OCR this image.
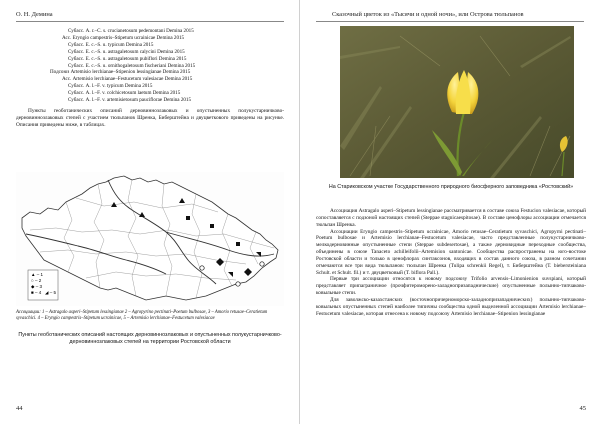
О. Н. Демина
Субасс. A. r.–C. s. crucianetosum pedemontani Demina 2015
Асс. Eryngio campestris–Stipetum ucrainicae Demina 2015
Субасс. E. c.–S. u. typicum Demina 2015
Субасс. E. c.–S. u. astragaletosum calycini Demina 2015
Субасс. E. c.–S. u. astragaletosum pubiflori Demina 2015
Субасс. E. c.–S. u. ornithogaletosum fischeriani Demina 2015
Подсоюз Artemisio lerchianae–Stipenion lessingianae Demina 2015
Асс. Artemisio lerchianae–Festucetum valesiacae Demina 2015
Субасс. A. l.–F. v. typicum Demina 2015
Субасс. A. l.–F. v. colchicetosum laetum Demina 2015
Субасс. A. l.–F. v. artemisietosum pauciflorae Demina 2015
Пункты геоботанических описаний дерновиннозлаковых и опустыненных полукустарничково-дерновиннозлаковых степей с участием тюльпанов Шренка, Биберштейна и двуцветкового приведены на рисунке. Описания приведены ниже, в таблицах.
▲ – 1
○ – 2
◆ – 3
■ – 4 ◢ – 5
Ассоциации: 1 – Astragalo asperi–Stipetum lessingianae 2 – Agropyrino pectinati–Poetum bulbosae, 3 – Amorio retusae–Ceratietum syvaschici. 4 – Eryngio campestris–Stipetum ucrainicae, 5 – Artemisio lerchianae–Festucetum valesiacae
Пункты геоботанических описаний настоящих дерновиннозлаковых и опустыненных полукустарничково-дерновиннозлаковых степей на территории Ростовской области
44
Сказочный цветок из «Тысячи и одной ночи», или Острова тюльпанов
45
На Стариковском участке Государственного природного биосферного заповедника «Ростовский»

Ассоциация Astragalo asperi–Stipetum lessingianae рассматривается в составе союза Festucion valesiacae, который сопоставляется с подзоной настоящих степей (Steppae stagnicaespitosae). В составе ценофлоры ассоциации отмечается тюльпан Шренка.

Ассоциации Eryngio campestris–Stipetum ucrainicae, Amorio retusae–Ceratietum syvaschici, Agropyrni pectinati–Poetum bulbosae и Artemisio lerchianae–Festucetum valesiacae, часто представленные полукустарничково-мелкодерновинные опустыненные степи (Steppae subdesertosae), а также дерновидные переходные сообщества, объединены в союзе Tanaceto achilleifolii–Artemision santonicae. Сообщества распространены на юго-востоке Ростовской области и только в ценофлорах синтаксонов, входящих в состав данного союза, в разном сочетании отмечаются все три вида тюльпанов: тюльпан Шренка (Tulipa schrenkii Regel), т. Биберштейна (T. biebersteiniana Schult. et Schult. fil.) и т. двуцветковый (T. biflora Pall.).

Первые три ассоциации относятся к новому подсоюзу Trifolio arvensis–Limonienion suvspiani, который представляет припаграничное (прочфитероморено-заладнопризападнические) опустыненные полынно-типчаково-ковыльные степи.

Для заволжско-казахстанских (восточнопричерноморско-заладнопризападнических) полынно-типчаково-ковыльных опустыненных степей наиболее типичны сообщества одной выделенной ассоциации Artemisio lerchianae–Festucetum valesiacae, которая отнесена к новому подсоюзу Artemisio lerchianae–Stipenion lessingianae
